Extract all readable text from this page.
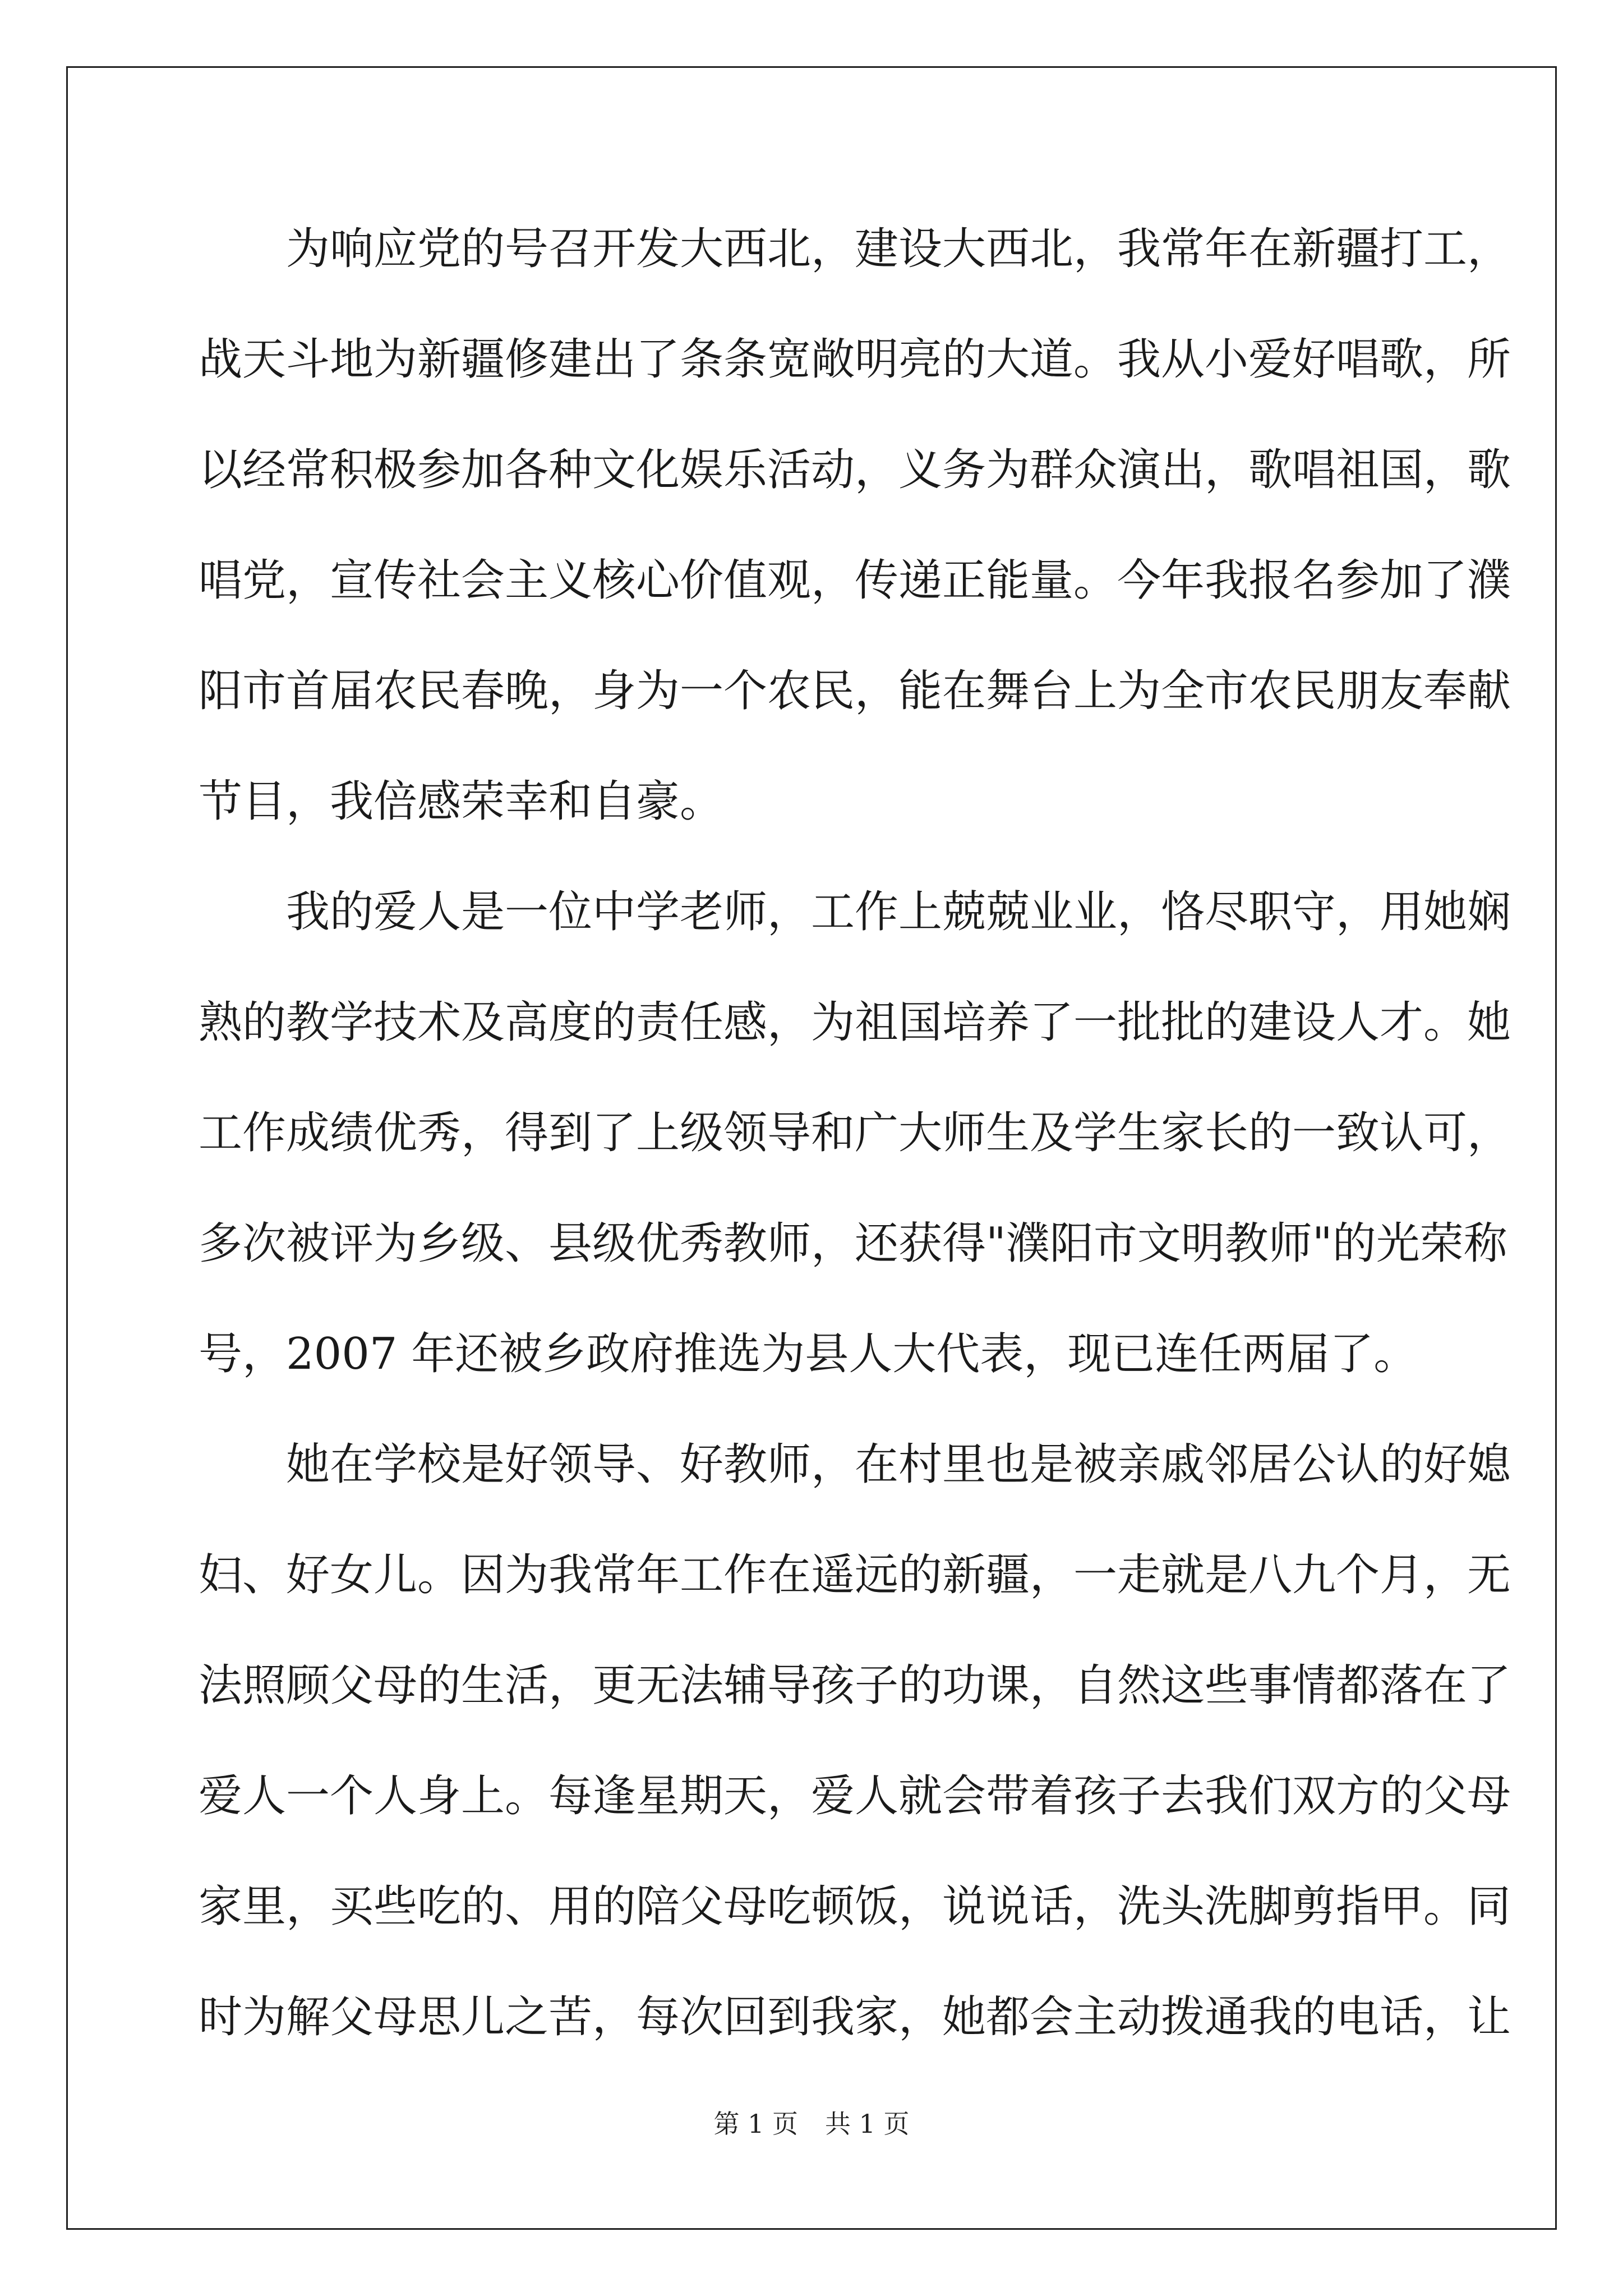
为响应党的号召开发大西北，建设大西北，我常年在新疆打工，
战天斗地为新疆修建出了条条宽敞明亮的大道。我从小爱好唱歌，所
以经常积极参加各种文化娱乐活动，义务为群众演出，歌唱祖国，歌
唱党，宣传社会主义核心价值观，传递正能量。今年我报名参加了濮
阳市首届农民春晚，身为一个农民，能在舞台上为全市农民朋友奉献
节目，我倍感荣幸和自豪。
我的爱人是一位中学老师，工作上兢兢业业，恪尽职守，用她娴
熟的教学技术及高度的责任感，为祖国培养了一批批的建设人才。她
工作成绩优秀，得到了上级领导和广大师生及学生家长的一致认可，
多次被评为乡级、县级优秀教师，还获得"濮阳市文明教师"的光荣称
号，2007 年还被乡政府推选为县人大代表，现已连任两届了。
她在学校是好领导、好教师，在村里也是被亲戚邻居公认的好媳
妇、好女儿。因为我常年工作在遥远的新疆，一走就是八九个月，无
法照顾父母的生活，更无法辅导孩子的功课，自然这些事情都落在了
爱人一个人身上。每逢星期天，爱人就会带着孩子去我们双方的父母
家里，买些吃的、用的陪父母吃顿饭，说说话，洗头洗脚剪指甲。同
时为解父母思儿之苦，每次回到我家，她都会主动拨通我的电话，让
第 1 页 共 1 页
